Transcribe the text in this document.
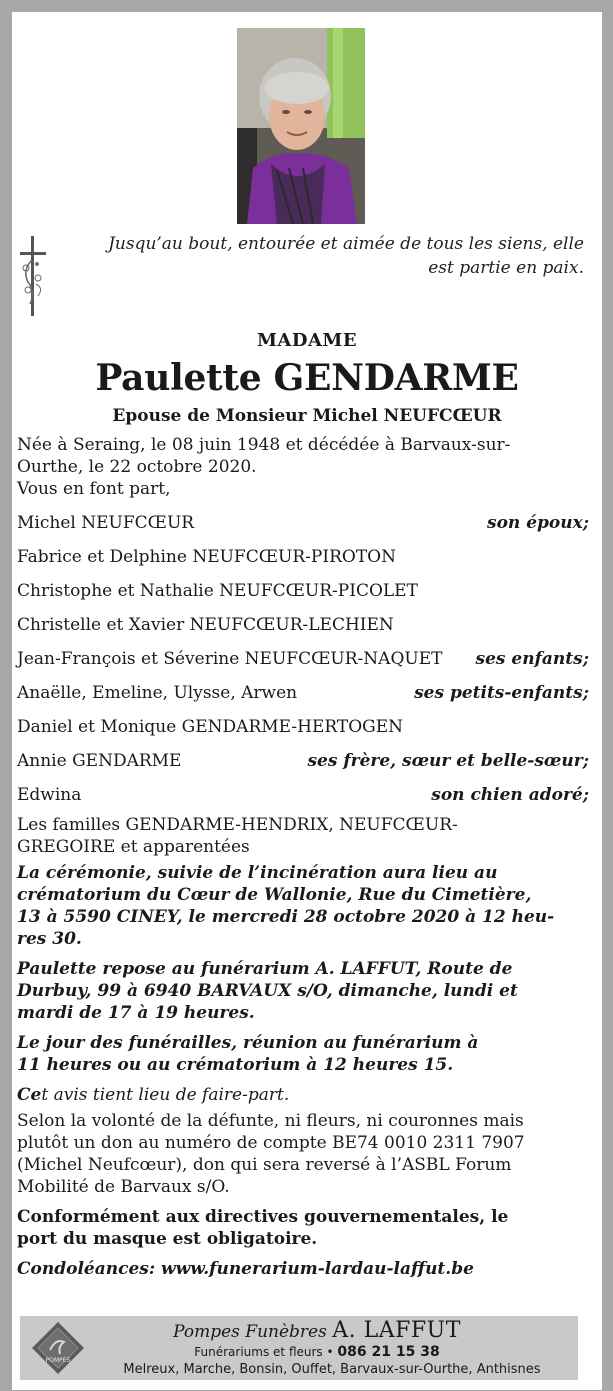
Jusqu’au bout, entourée et aimée de tous les siens, elle
est partie en paix.
MADAME
Paulette GENDARME
Epouse de Monsieur Michel NEUFCŒUR

Née à Seraing, le 08 juin 1948 et décédée à Barvaux-sur-

Ourthe, le 22 octobre 2020.

Vous en font part,

Michel NEUFCŒUR	son époux;
Fabrice et Delphine NEUFCŒUR-PIROTON
Christophe et Nathalie NEUFCŒUR-PICOLET
Christelle et Xavier NEUFCŒUR-LECHIEN
Jean-François et Séverine NEUFCŒUR-NAQUET ses enfants;
Anaëlle, Emeline, Ulysse, Arwen	ses petits-enfants;
Daniel et Monique GENDARME-HERTOGEN
Annie GENDARME	ses frère, sœur et belle-sœur;
Edwina	son chien adoré;

Les familles GENDARME-HENDRIX, NEUFCŒUR-

GREGOIRE et apparentées

La cérémonie, suivie de l’incinération aura lieu au

crématorium du Cœur de Wallonie, Rue du Cimetière,

13 à 5590 CINEY, le mercredi 28 octobre 2020 à 12 heu-

res 30.

Paulette repose au funérarium A. LAFFUT, Route de

Durbuy, 99 à 6940 BARVAUX s/O, dimanche, lundi et

mardi de 17 à 19 heures.

Le jour des funérailles, réunion au funérarium à

11 heures ou au crématorium à 12 heures 15.

Cet avis tient lieu de faire-part.

Selon la volonté de la défunte, ni fleurs, ni couronnes mais

plutôt un don au numéro de compte BE74 0010 2311 7907

(Michel Neufcœur), don qui sera reversé à l’ASBL Forum

Mobilité de Barvaux s/O.

Conformément aux directives gouvernementales, le

port du masque est obligatoire.

Condoléances: www.funerarium-lardau-laffut.be

POMPES
Pompes Funèbres A. LAFFUT
Funérariums et fleurs • 086 21 15 38
Melreux, Marche, Bonsin, Ouffet, Barvaux-sur-Ourthe, Anthisnes
